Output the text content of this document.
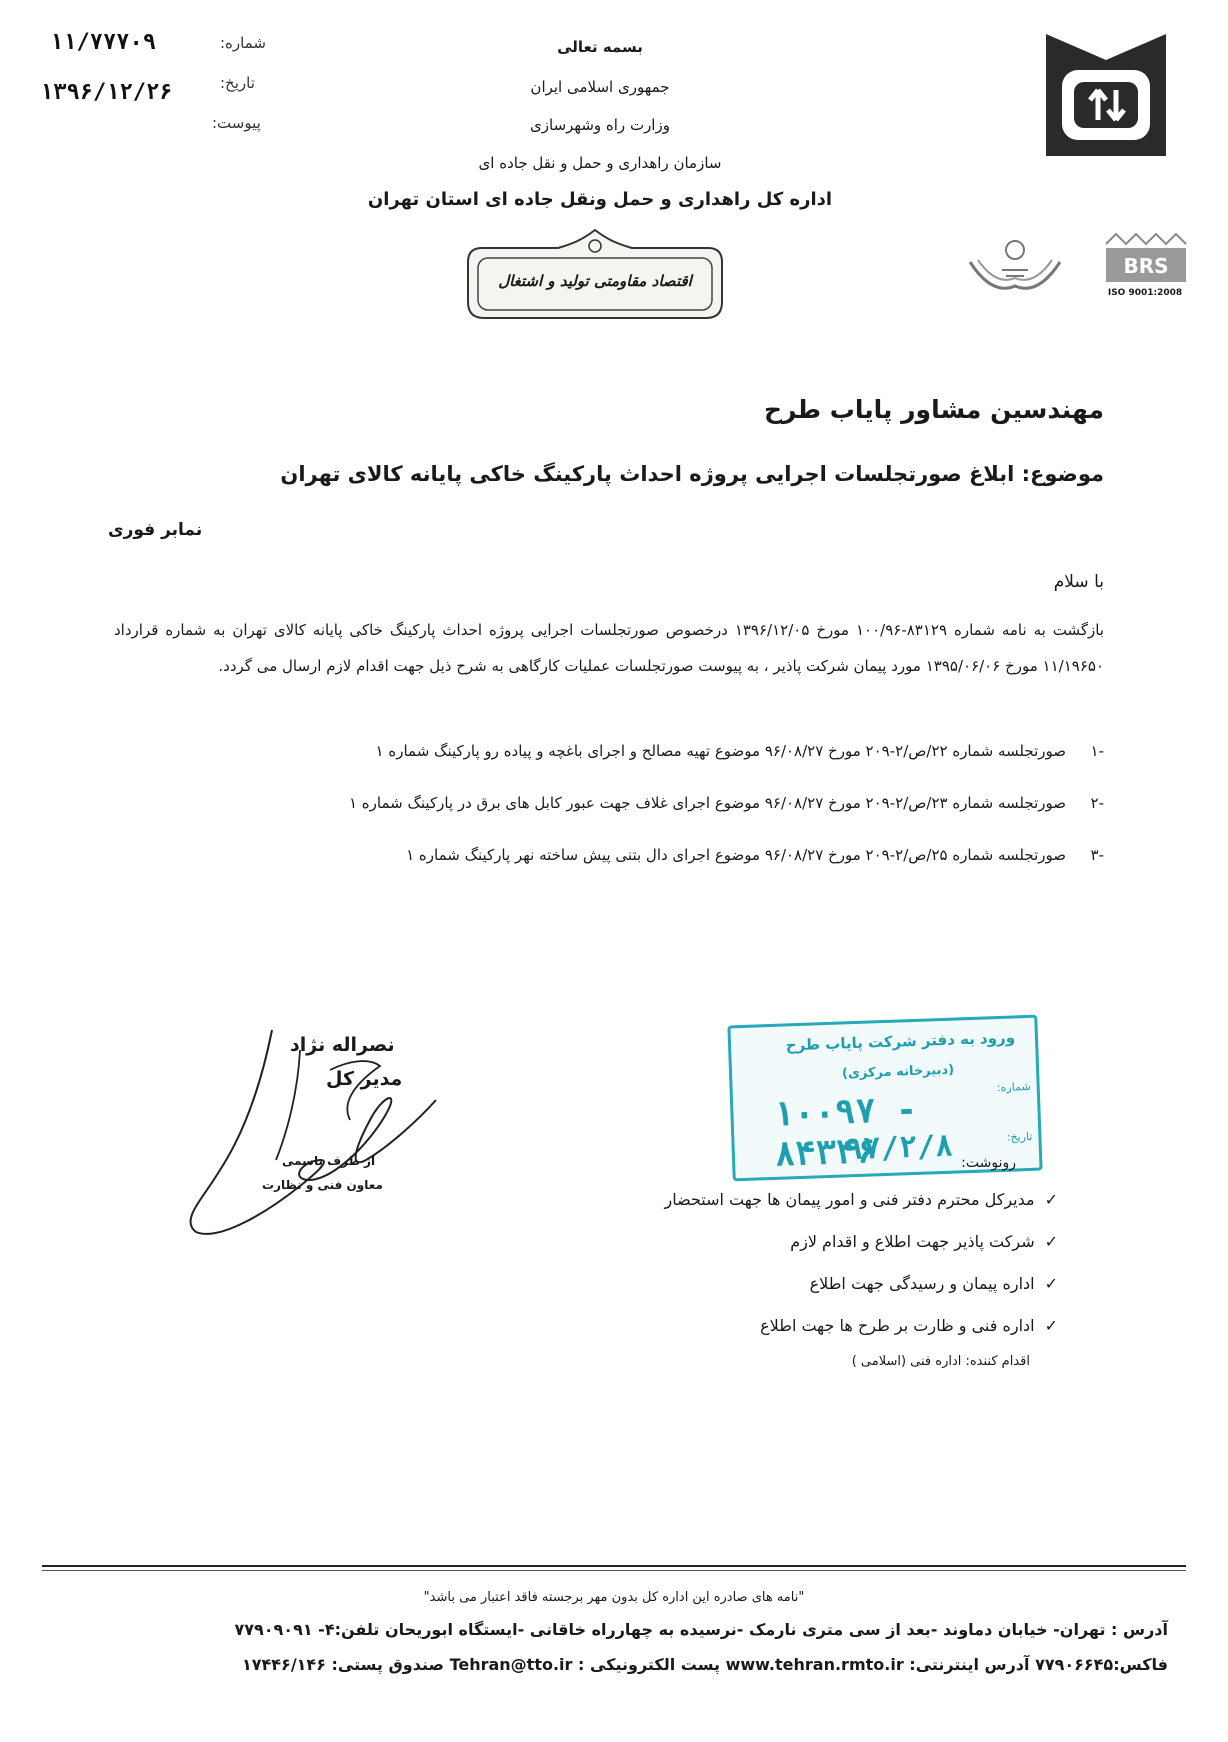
بسمه تعالی
جمهوری اسلامی ایران
وزارت راه وشهرسازی
سازمان راهداری و حمل و نقل جاده ای
اداره کل راهداری و حمل ونقل جاده ای استان تهران
شماره:
۱۱/۷۷۷۰۹
تاریخ:
۱۳۹۶/۱۲/۲۶
پیوست:
اقتصاد مقاومتی تولید و اشتغال
BRS
ISO 9001:2008
مهندسین مشاور پایاب طرح
موضوع: ابلاغ صورتجلسات اجرایی پروژه احداث پارکینگ خاکی پایانه کالای تهران
نمابر فوری
با سلام
بازگشت به نامه شماره ۸۳۱۲۹-۱۰۰/۹۶ مورخ ۱۳۹۶/۱۲/۰۵ درخصوص صورتجلسات اجرایی پروژه احداث پارکینگ خاکی پایانه کالای تهران به شماره قرارداد ۱۱/۱۹۶۵۰ مورخ ۱۳۹۵/۰۶/۰۶ مورد پیمان شرکت پاذیر ، به پیوست صورتجلسات عملیات کارگاهی به شرح ذیل جهت اقدام لازم ارسال می گردد.
-۱صورتجلسه شماره ۲۲/ص/۲-۲۰۹ مورخ ۹۶/۰۸/۲۷ موضوع تهیه مصالح و اجرای باغچه و پیاده رو پارکینگ شماره ۱
-۲صورتجلسه شماره ۲۳/ص/۲-۲۰۹ مورخ ۹۶/۰۸/۲۷ موضوع اجرای غلاف جهت عبور کابل های برق در پارکینگ شماره ۱
-۳صورتجلسه شماره ۲۵/ص/۲-۲۰۹ مورخ ۹۶/۰۸/۲۷ موضوع اجرای دال بتنی پیش ساخته نهر پارکینگ شماره ۱
نصراله نژاد
مدیر کل
از طرف یاسمی
معاون فنی و نظارت
ورود به دفتر شرکت پایاب طرح
(دبیرخانه مرکزی)
شماره:
۱۰۰۹۷ - ۸۴۳۴۶	تاریخ:
۹۷/۲/۸ رونوشت:
✓مدیرکل محترم دفتر فنی و امور پیمان ها جهت استحضار
✓شرکت پاذیر جهت اطلاع و اقدام لازم
✓اداره پیمان و رسیدگی جهت اطلاع
✓اداره فنی و ظارت بر طرح ها جهت اطلاع
اقدام کننده: اداره فنی (اسلامی )
"نامه های صادره این اداره کل بدون مهر برجسته فاقد اعتبار می باشد"
آدرس : تهران- خیابان دماوند -بعد از سی متری نارمک -نرسیده به چهارراه خاقانی -ایستگاه ابوریحان تلفن:۴- ۷۷۹۰۹۰۹۱
فاکس:۷۷۹۰۶۶۴۵ آدرس اینترنتی: www.tehran.rmto.ir پست الکترونیکی : Tehran@tto.ir صندوق پستی: ۱۷۴۴۶/۱۴۶
